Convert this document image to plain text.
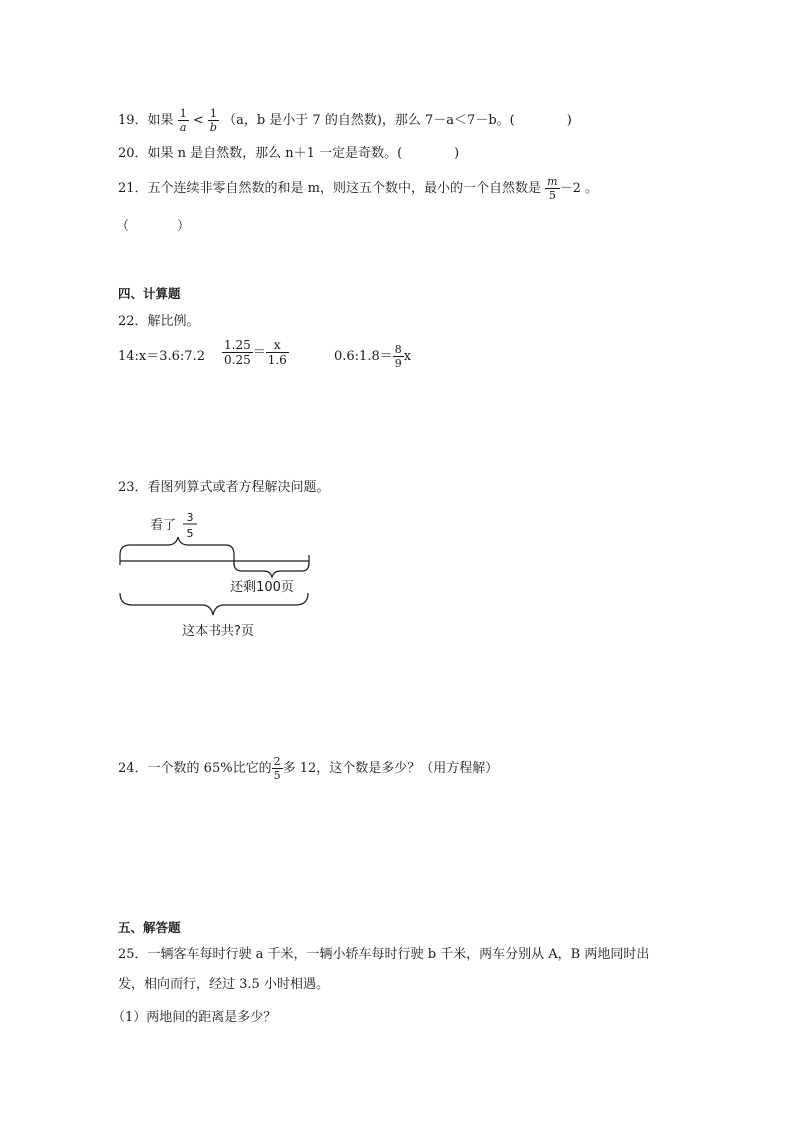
19．如果 $\frac{1}{a} < \frac{1}{b} (a$，b 是小于 7 的自然数)，那么 7－a＜7－b。(	)
20．如果 n 是自然数，那么 n＋1 一定是奇数。(	)
21．五个连续非零自然数的和是 m，则这五个数中，最小的一个自然数是 $\frac{m}{5} -2$ 。
（	）
四、计算题
22．解比例。
14:x＝3.6:7.2 $\frac{1.25}{0.25} = \frac{x}{1.6}$	0.6:1.8＝ $\frac{8}{9}$ x
23．看图列算式或者方程解决问题。
看了
3
5
还剩100页
这本书共?页
24．一个数的 65%比它的 $\frac{2}{5}$ 多 12，这个数是多少？（用方程解）
五、解答题
25．一辆客车每时行驶 a 千米，一辆小轿车每时行驶 b 千米，两车分别从 A，B 两地同时出
发，相向而行，经过 3.5 小时相遇。
（1）两地间的距离是多少？
